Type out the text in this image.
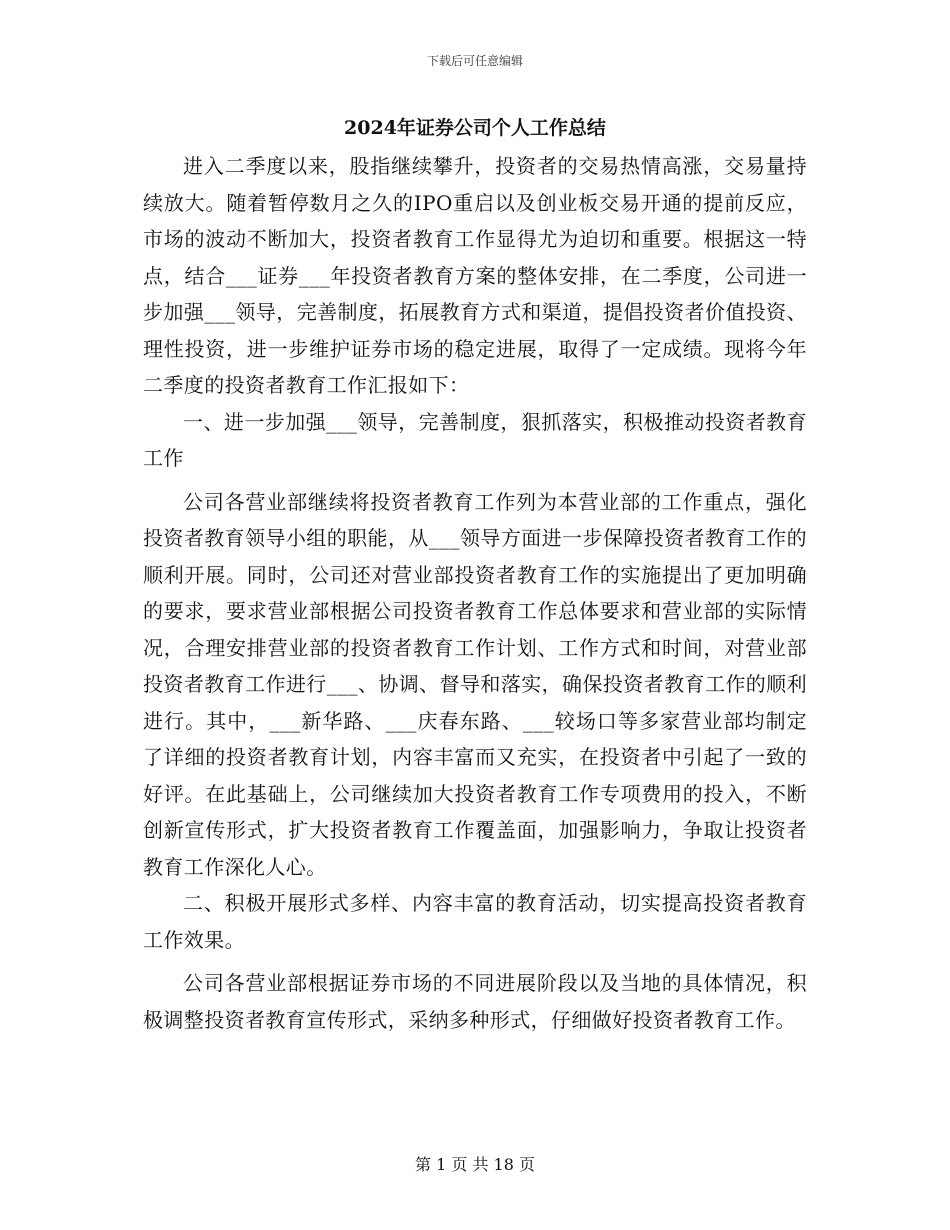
下载后可任意编辑
2024年证券公司个人工作总结

进入二季度以来，股指继续攀升，投资者的交易热情高涨，交易量持续放大。随着暂停数月之久的IPO重启以及创业板交易开通的提前反应，市场的波动不断加大，投资者教育工作显得尤为迫切和重要。根据这一特点，结合___证券___年投资者教育方案的整体安排，在二季度，公司进一步加强___领导，完善制度，拓展教育方式和渠道，提倡投资者价值投资、理性投资，进一步维护证券市场的稳定进展，取得了一定成绩。现将今年二季度的投资者教育工作汇报如下：

一、进一步加强___领导，完善制度，狠抓落实，积极推动投资者教育工作

公司各营业部继续将投资者教育工作列为本营业部的工作重点，强化投资者教育领导小组的职能，从___领导方面进一步保障投资者教育工作的顺利开展。同时，公司还对营业部投资者教育工作的实施提出了更加明确的要求，要求营业部根据公司投资者教育工作总体要求和营业部的实际情况，合理安排营业部的投资者教育工作计划、工作方式和时间，对营业部投资者教育工作进行___、协调、督导和落实，确保投资者教育工作的顺利进行。其中，___新华路、___庆春东路、___较场口等多家营业部均制定了详细的投资者教育计划，内容丰富而又充实，在投资者中引起了一致的好评。在此基础上，公司继续加大投资者教育工作专项费用的投入，不断创新宣传形式，扩大投资者教育工作覆盖面，加强影响力，争取让投资者教育工作深化人心。

二、积极开展形式多样、内容丰富的教育活动，切实提高投资者教育工作效果。

公司各营业部根据证券市场的不同进展阶段以及当地的具体情况，积极调整投资者教育宣传形式，采纳多种形式，仔细做好投资者教育工作。

第 1 页 共 18 页
